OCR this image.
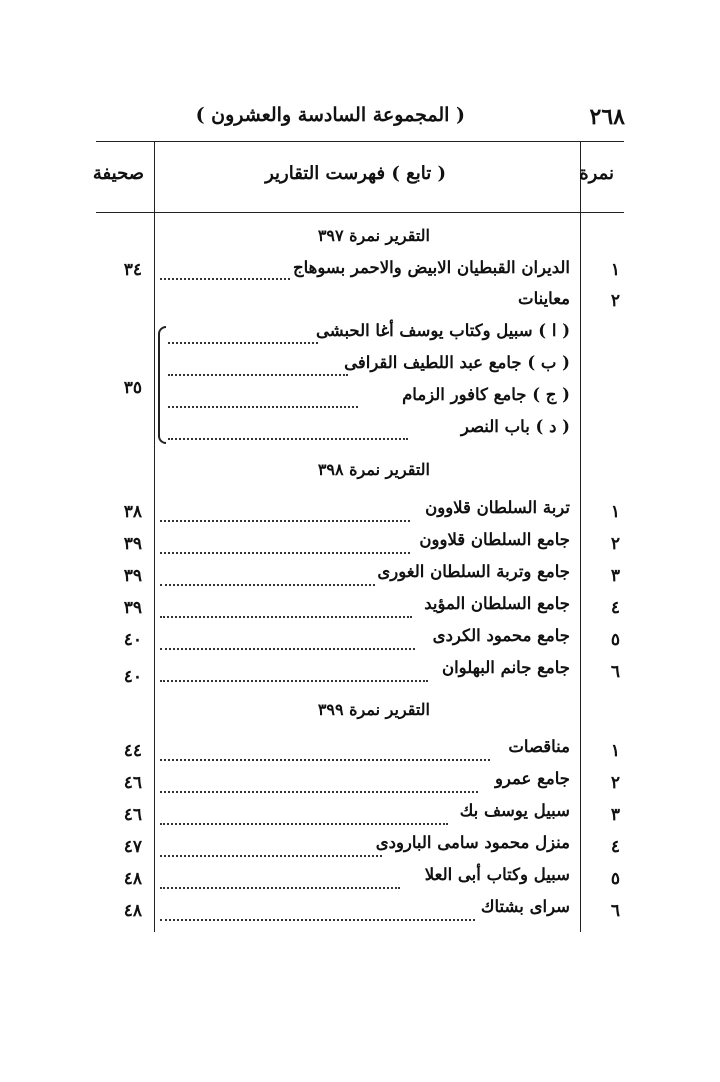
٢٦٨
( المجموعة السادسة والعشرون )
نمرة
( تابع ) فهرست التقارير
صحيفة
التقرير نمرة ٣٩٧
١
الديران القبطيان الابيض والاحمر بسوهاج
٣٤
٢
معاينات
( ا ) سبيل وكتاب يوسف أغا الحبشى
( ب ) جامع عبد اللطيف القرافى
( ج ) جامع كافور الزمام
( د ) باب النصر
٣٥
التقرير نمرة ٣٩٨
١
تربة السلطان قلاوون
٣٨
٢
جامع السلطان قلاوون
٣٩
٣
جامع وتربة السلطان الغورى
٣٩
٤
جامع السلطان المؤيد
٣٩
٥
جامع محمود الكردى
٤٠
٦
جامع جانم البهلوان
٤٠
التقرير نمرة ٣٩٩
١
مناقصات
٤٤
٢
جامع عمرو
٤٦
٣
سبيل يوسف بك
٤٦
٤
منزل محمود سامى البارودى
٤٧
٥
سبيل وكتاب أبى العلا
٤٨
٦
سراى بشتاك
٤٨
